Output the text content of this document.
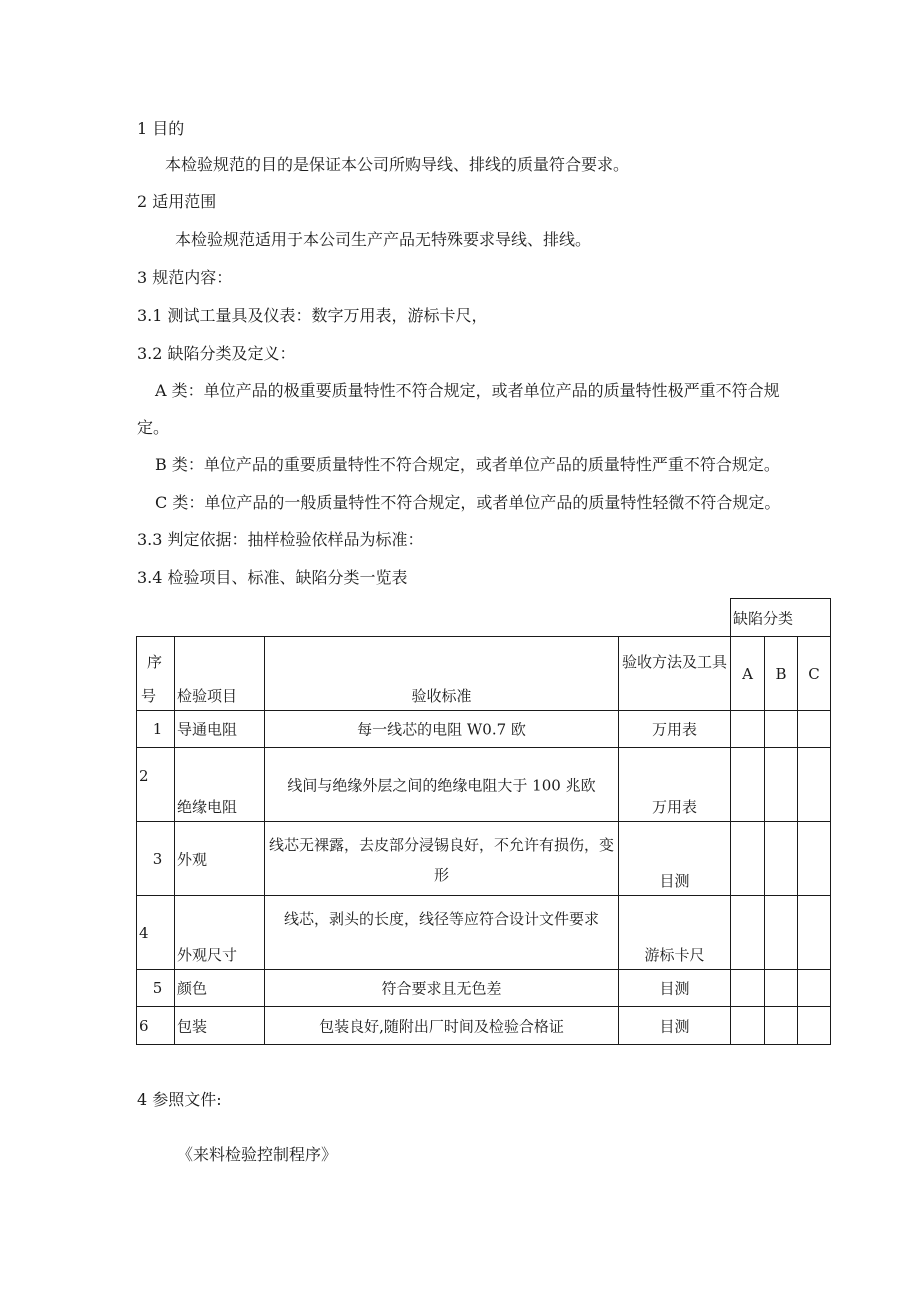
1 目的
本检验规范的目的是保证本公司所购导线、排线的质量符合要求。
2 适用范围
本检验规范适用于本公司生产产品无特殊要求导线、排线。
3 规范内容：
3.1 测试工量具及仪表：数字万用表，游标卡尺，
3.2 缺陷分类及定义：
A 类：单位产品的极重要质量特性不符合规定，或者单位产品的质量特性极严重不符合规
定。
B 类：单位产品的重要质量特性不符合规定，或者单位产品的质量特性严重不符合规定。
C 类：单位产品的一般质量特性不符合规定，或者单位产品的质量特性轻微不符合规定。
3.3 判定依据：抽样检验依样品为标准：
3.4 检验项目、标准、缺陷分类一览表

				缺陷分类		

序
号	检验项目	验收标准	验收方法及工具	A	B	C

1	导通电阻	每一线芯的电阻 W0.7 欧	万用表			

2	绝缘电阻	线间与绝缘外层之间的绝缘电阻大于 100 兆欧	万用表			

3	外观	线芯无裸露，去皮部分浸锡良好，不允许有损伤，变形	目测			

4	外观尺寸	线芯，剥头的长度，线径等应符合设计文件要求	游标卡尺			

5	颜色	符合要求且无色差	目测			

6	包装	包装良好,随附出厂时间及检验合格证	目测			

4 参照文件:
《来料检验控制程序》
